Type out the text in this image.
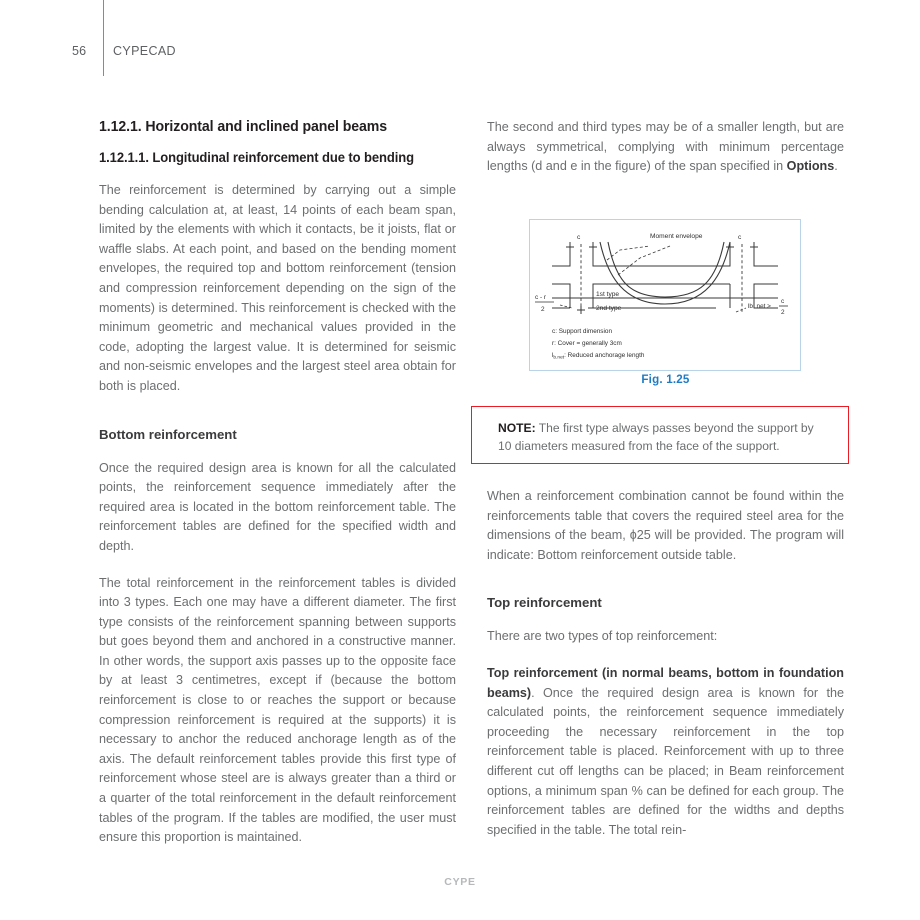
56 CYPECAD
1.12.1. Horizontal and inclined panel beams
1.12.1.1. Longitudinal reinforcement due to bending

The reinforcement is determined by carrying out a simple bending calculation at, at least, 14 points of each beam span, limited by the elements with which it contacts, be it joists, flat or waffle slabs. At each point, and based on the bending moment envelopes, the required top and bottom reinforcement (tension and compression reinforcement depending on the sign of the moments) is determined. This reinforcement is checked with the minimum geometric and mechanical values provided in the code, adopting the largest value. It is determined for seismic and non-seismic envelopes and the largest steel area obtain for both is placed.

Bottom reinforcement

Once the required design area is known for all the calculated points, the reinforcement sequence immediately after the required area is located in the bottom reinforcement table. The reinforcement tables are defined for the specified width and depth.

The total reinforcement in the reinforcement tables is divided into 3 types. Each one may have a different diameter. The first type consists of the reinforcement spanning between supports but goes beyond them and anchored in a constructive manner. In other words, the support axis passes up to the opposite face by at least 3 centimetres, except if (because the bottom reinforcement is close to or reaches the support or because compression reinforcement is required at the supports) it is necessary to anchor the reduced anchorage length as of the axis. The default reinforcement tables provide this first type of reinforcement whose steel are is always greater than a third or a quarter of the total reinforcement in the default reinforcement tables of the program. If the tables are modified, the user must ensure this proportion is maintained.

The second and third types may be of a smaller length, but are always symmetrical, complying with minimum percentage lengths (d and e in the figure) of the span specified in Options.

Moment envelope
c	c
1st type
2nd type
c - r
2	lb, net >
c
2
c: Support dimension
r: Cover = generally 3cm
$l_{b.net}$: Reduced anchorage length
Fig. 1.25
NOTE: The first type always passes beyond the support by 10 diameters measured from the face of the support.

When a reinforcement combination cannot be found within the reinforcements table that covers the required steel area for the dimensions of the beam, ɸ25 will be provided. The program will indicate: Bottom reinforcement outside table.

Top reinforcement

There are two types of top reinforcement:

Top reinforcement (in normal beams, bottom in foundation beams). Once the required design area is known for the calculated points, the reinforcement sequence immediately proceeding the necessary reinforcement in the top reinforcement table is placed. Reinforcement with up to three different cut off lengths can be placed; in Beam reinforcement options, a minimum span % can be defined for each group. The reinforcement tables are defined for the widths and depths specified in the table. The total rein-

CYPE
